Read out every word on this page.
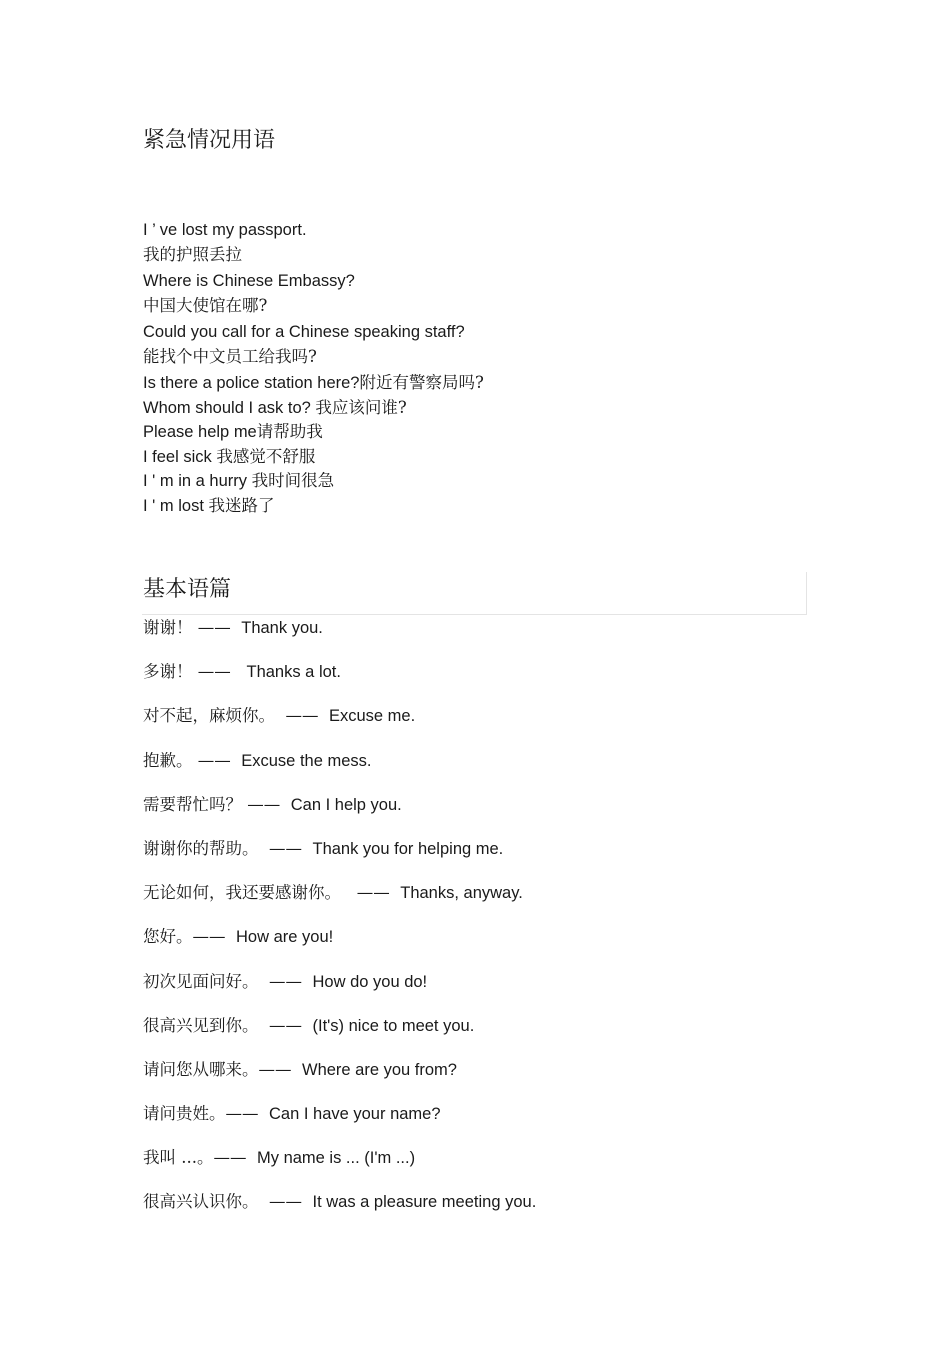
紧急情况用语
I ’ ve lost my passport.
我的护照丢拉
Where is Chinese Embassy?
中国大使馆在哪?
Could you call for a Chinese speaking staff?
能找个中文员工给我吗?
Is there a police station here?附近有警察局吗?
Whom should I ask to? 我应该问谁?
Please help me请帮助我
I feel sick 我感觉不舒服
I ' m in a hurry 我时间很急
I ' m lost 我迷路了
基本语篇
谢谢！ ——  Thank you.
多谢！ ——   Thanks a lot.
对不起，麻烦你。  ——  Excuse me.
抱歉。 ——  Excuse the mess.
需要帮忙吗？ ——  Can I help you.
谢谢你的帮助。  ——  Thank you for helping me.
无论如何，我还要感谢你。   ——  Thanks, anyway.
您好。——  How are you!
初次见面问好。  ——  How do you do!
很高兴见到你。  ——  (It's) nice to meet you.
请问您从哪来。——  Where are you from?
请问贵姓。——  Can I have your name?
我叫 ...。——  My name is ... (I'm ...)
很高兴认识你。  ——  It was a pleasure meeting you.
